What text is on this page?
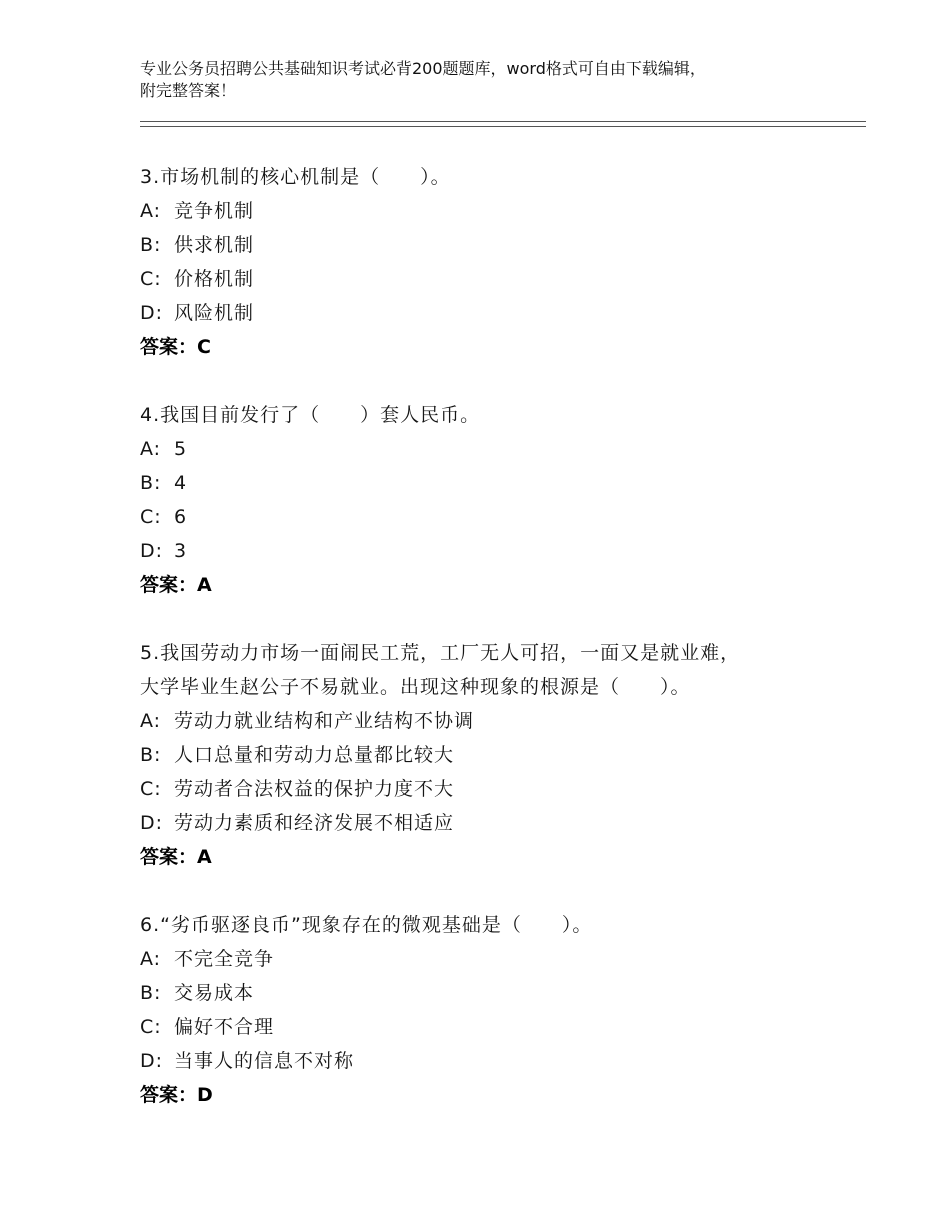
专业公务员招聘公共基础知识考试必背200题题库，word格式可自由下载编辑，
附完整答案！
3.市场机制的核心机制是（　　）。
A: 竞争机制
B: 供求机制
C: 价格机制
D: 风险机制
答案：C
4.我国目前发行了（　　）套人民币。
A: 5
B: 4
C: 6
D: 3
答案：A
5.我国劳动力市场一面闹民工荒，工厂无人可招，一面又是就业难，
大学毕业生赵公子不易就业。出现这种现象的根源是（　　）。
A: 劳动力就业结构和产业结构不协调
B: 人口总量和劳动力总量都比较大
C: 劳动者合法权益的保护力度不大
D: 劳动力素质和经济发展不相适应
答案：A
6.“劣币驱逐良币”现象存在的微观基础是（　　）。
A: 不完全竞争
B: 交易成本
C: 偏好不合理
D: 当事人的信息不对称
答案：D
